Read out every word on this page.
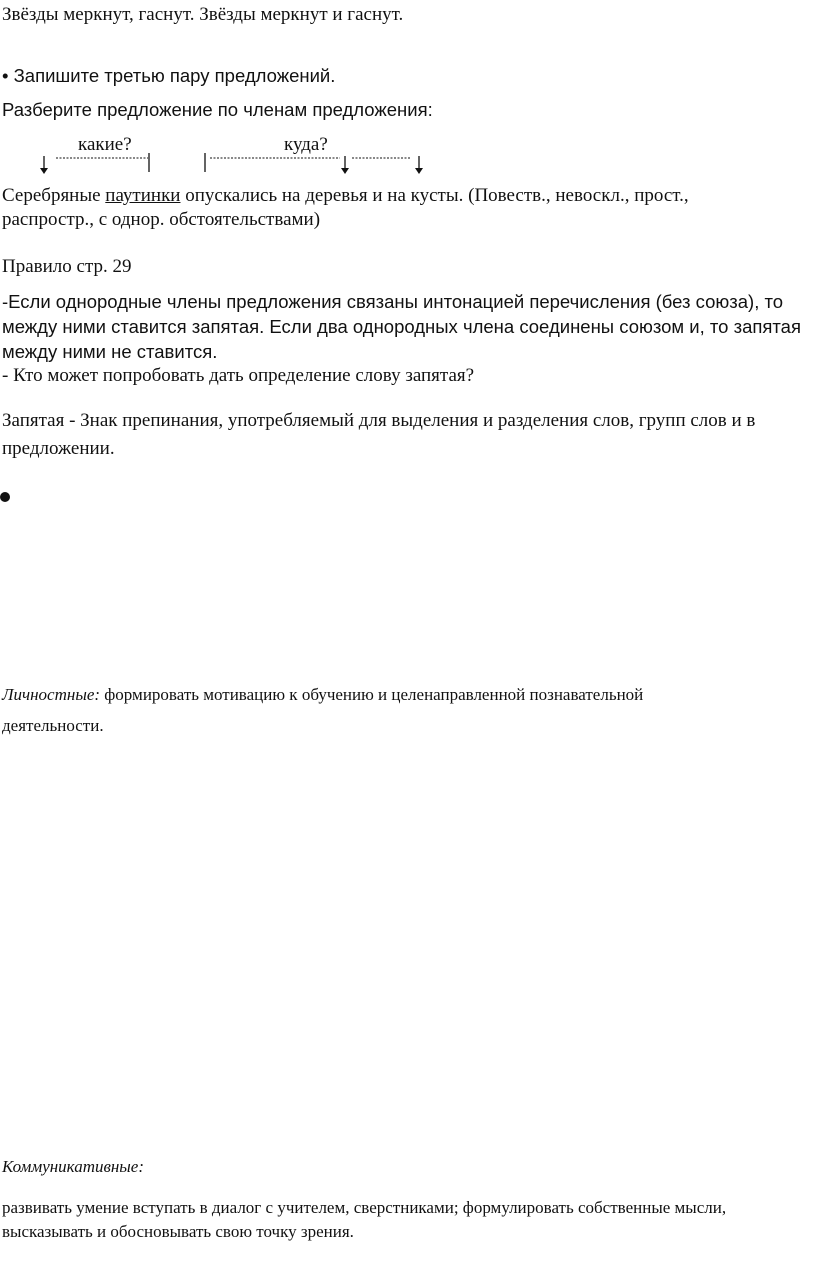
Звёзды меркнут, гаснут. Звёзды меркнут и гаснут.
• Запишите третью пару предложений.
Разберите предложение по членам предложения:
какие?	куда?
Серебряные паутинки опускались на деревья и на кусты. (Повеств., невоскл., прост.,
распростр., с однор. обстоятельствами)
Правило стр. 29
-Если однородные члены предложения связаны интонацией перечисления (без союза), то между ними ставится запятая. Если два однородных члена соединены союзом и, то запятая между ними не ставится.
- Кто может попробовать дать определение слову запятая?
Запятая - Знак препинания, употребляемый для выделения и разделения слов, групп слов и в предложении.
Личностные: формировать мотивацию к обучению и целенаправленной познавательной
деятельности.
Коммуникативные:
развивать умение вступать в диалог с учителем, сверстниками; формулировать собственные мысли, высказывать и обосновывать свою точку зрения.
